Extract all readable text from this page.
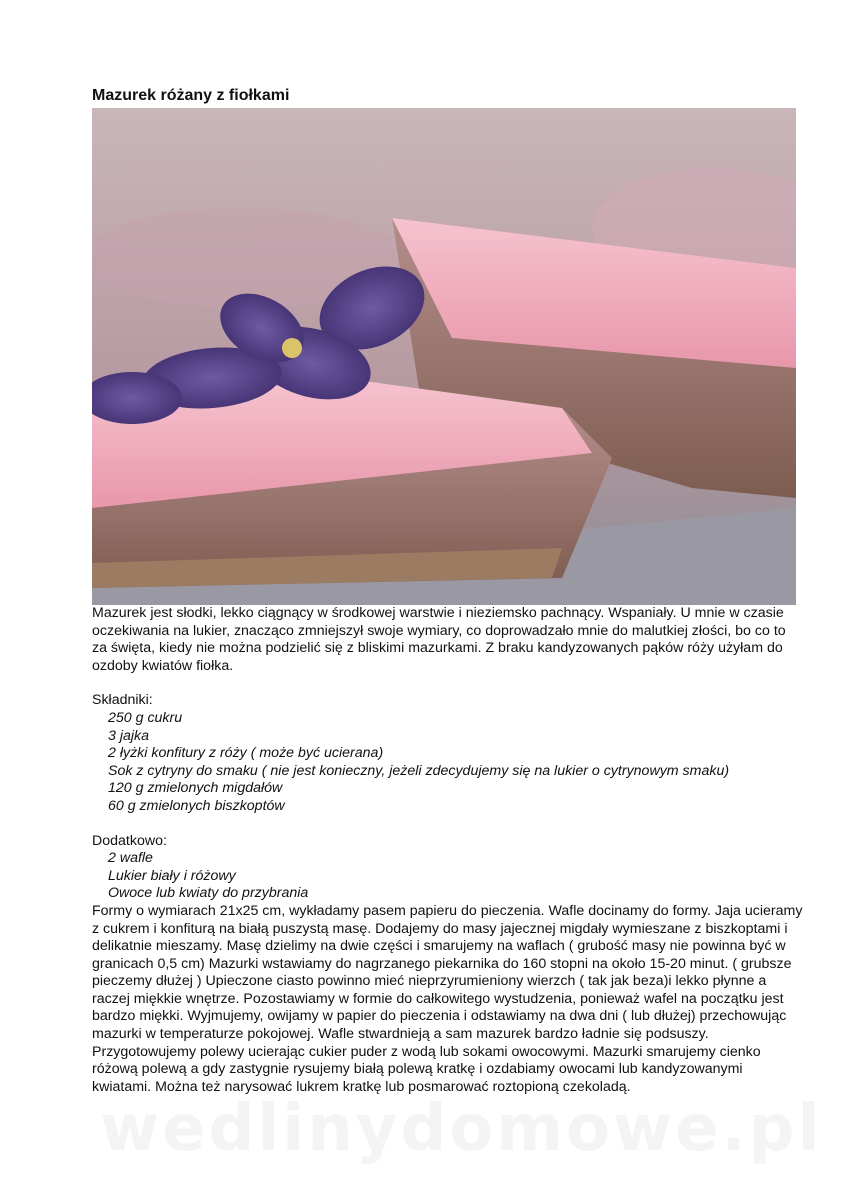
Mazurek różany z fiołkami

Mazurek jest słodki, lekko ciągnący w środkowej warstwie i nieziemsko pachnący. Wspaniały. U mnie w czasie oczekiwania na lukier, znacząco zmniejszył swoje wymiary, co doprowadzało mnie do malutkiej złości, bo co to za święta, kiedy nie można podzielić się z bliskimi mazurkami. Z braku kandyzowanych pąków róży użyłam do ozdoby kwiatów fiołka.

Składniki:
250 g cukru
3 jajka
2 łyżki konfitury z róży ( może być ucierana)
Sok z cytryny do smaku ( nie jest konieczny, jeżeli zdecydujemy się na lukier o cytrynowym smaku)
120 g zmielonych migdałów
60 g zmielonych biszkoptów
Dodatkowo:
2 wafle
Lukier biały i różowy
Owoce lub kwiaty do przybrania

Formy o wymiarach 21x25 cm, wykładamy pasem papieru do pieczenia. Wafle docinamy do formy. Jaja ucieramy z cukrem i konfiturą na białą puszystą masę. Dodajemy do masy jajecznej migdały wymieszane z biszkoptami i delikatnie mieszamy. Masę dzielimy na dwie części i smarujemy na waflach ( grubość masy nie powinna być w granicach 0,5 cm) Mazurki wstawiamy do nagrzanego piekarnika do 160 stopni na około 15-20 minut. ( grubsze pieczemy dłużej ) Upieczone ciasto powinno mieć nieprzyrumieniony wierzch ( tak jak beza)i lekko płynne a raczej miękkie wnętrze. Pozostawiamy w formie do całkowitego wystudzenia, ponieważ wafel na początku jest bardzo miękki. Wyjmujemy, owijamy w papier do pieczenia i odstawiamy na dwa dni ( lub dłużej) przechowując mazurki w temperaturze pokojowej. Wafle stwardnieją a sam mazurek bardzo ładnie się podsuszy.

Przygotowujemy polewy ucierając cukier puder z wodą lub sokami owocowymi. Mazurki smarujemy cienko różową polewą a gdy zastygnie rysujemy białą polewą kratkę i ozdabiamy owocami lub kandyzowanymi kwiatami. Można też narysować lukrem kratkę lub posmarować roztopioną czekoladą.

wedlinydomowe.pl
